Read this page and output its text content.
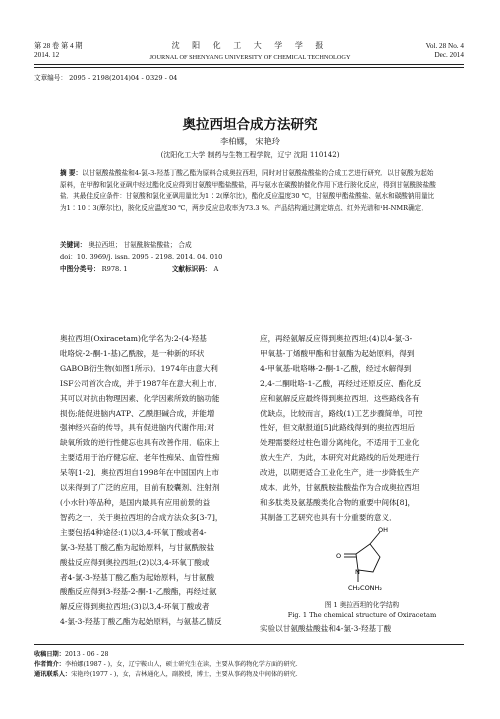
第 28 卷 第 4 期
2014. 12
沈 阳 化 工 大 学 学 报
JOURNAL OF SHENYANG UNIVERSITY OF CHEMICAL TECHNOLOGY
Vol. 28 No. 4
Dec. 2014
文章编号： 2095 - 2198(2014)04 - 0329 - 04
奥拉西坦合成方法研究
李柏娜， 宋艳玲
(沈阳化工大学 制药与生物工程学院，辽宁 沈阳 110142)
摘 要：以甘氨酸盐酸盐和4-氯-3-羟基丁酸乙酯为原料合成奥拉西坦，同时对甘氨酸盐酸盐的合成工艺进行研究．以甘氨酸为起始原料，在甲醇和氯化亚砜中经过酯化反应得到甘氨酸甲酯盐酸盐，再与氨水在碳酸钠催化作用下进行胺化反应，得到甘氨酰胺盐酸盐．其最佳反应条件：甘氨酸和氯化亚砜用量比为1∶2(摩尔比)，酯化反应温度30 ℃，甘氨酸甲酯盐酸盐、氨水和碳酸钠用量比为1∶10∶3(摩尔比)，胺化反应温度30 ℃，两步反应总收率为73.3 %．产品结构通过测定熔点、红外光谱和¹H-NMR确定．
关键词： 奥拉西坦； 甘氨酰胺盐酸盐； 合成
doi：10. 3969/j. issn. 2095 - 2198. 2014. 04. 010
中图分类号： R978. 1	文献标识码： A
奥拉西坦(Oxiracetam)化学名为:2-(4-羟基
吡咯烷-2-酮-1-基)乙酰胺，是一种新的环状
GABOB衍生物(如图1所示)．1974年由意大利
ISF公司首次合成，并于1987年在意大利上市．
其可以对抗由物理因素、化学因素所致的脑功能
损伤;能促进脑内ATP、乙酰胆碱合成，并能增
强神经兴奋的传导，具有促进脑内代谢作用;对
缺氧所致的逆行性健忘也具有改善作用．临床上
主要适用于治疗健忘症、老年性痴呆、血管性痴
呆等[1-2]．奥拉西坦自1998年在中国国内上市
以来得到了广泛的应用，目前有胶囊剂、注射剂
(小水针)等品种，是国内最具有应用前景的益
智药之一．关于奥拉西坦的合成方法众多[3-7]，
主要包括4种途径:(1)以3,4-环氧丁酸或者4-
氯-3-羟基丁酸乙酯为起始原料，与甘氨酰胺盐
酸盐反应得到奥拉西坦;(2)以3,4-环氧丁酸或
者4-氯-3-羟基丁酸乙酯为起始原料，与甘氨酸
酸酯反应得到3-羟基-2-酮-1-乙酸酯，再经过氨
解反应得到奥拉西坦;(3)以3,4-环氧丁酸或者
4-氯-3-羟基丁酸乙酯为起始原料，与氨基乙腈反
应，再经氨解反应得到奥拉西坦;(4)以4-氯-3-
甲氧基-丁烯酸甲酯和甘氨酯为起始原料，得到
4-甲氧基-吡咯啉-2-酮-1-乙酸，经过水解得到
2,4-二酮吡咯-1-乙酸，再经过还原反应、酯化反
应和氨解反应最终得到奥拉西坦．这些路线各有
优缺点，比较而言，路线(1)工艺步骤简单，可控
性好，但文献报道[5]此路线得到的奥拉西坦后
处理需要经过柱色谱分离纯化，不适用于工业化
放大生产．为此，本研究对此路线的后处理进行
改进，以期更适合工业化生产，进一步降低生产
成本．此外，甘氨酰胺盐酸盐作为合成奥拉西坦
和多肽类及氨基酸类化合物的重要中间体[8]，
其制备工艺研究也具有十分重要的意义．
OH
N
O
CH₂CONH₂
图 1 奥拉西坦的化学结构
Fig. 1 The chemical structure of Oxiracetam
实验以甘氨酸盐酸盐和4-氯-3-羟基丁酸
收稿日期：2013 - 06 - 28
作者简介：李柏娜(1987 - )，女，辽宁鞍山人，硕士研究生在读，主要从事药物化学方面的研究．
通讯联系人：宋艳玲(1977 - )，女，吉林通化人，副教授，博士，主要从事药物及中间体的研究．
